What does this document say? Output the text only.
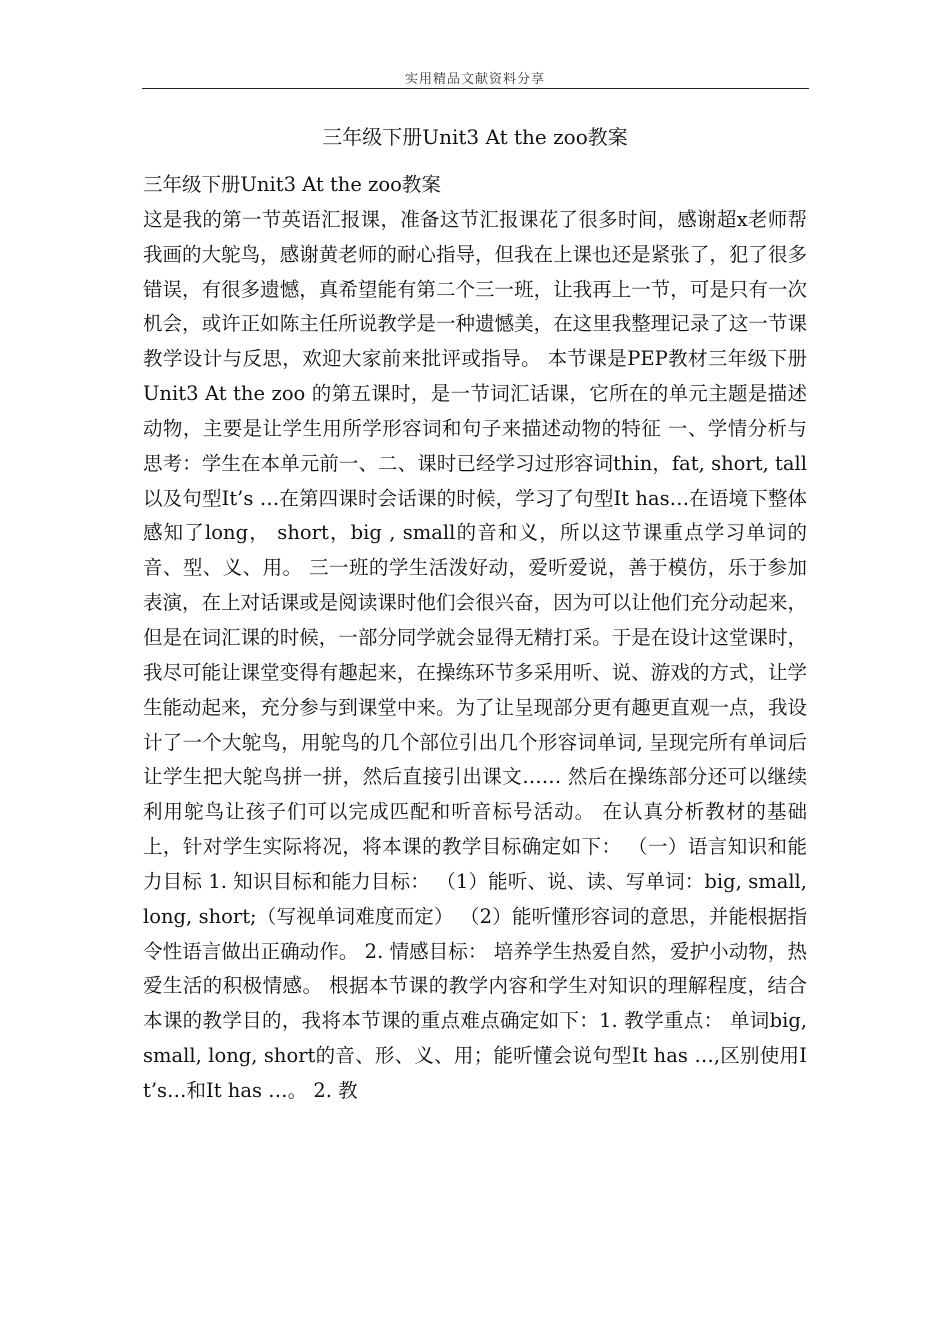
实用精品文献资料分享
三年级下册Unit3 At the zoo教案

三年级下册Unit3 At the zoo教案

这是我的第一节英语汇报课，准备这节汇报课花了很多时间，感谢超x老师帮我画的大鸵鸟，感谢黄老师的耐心指导，但我在上课也还是紧张了，犯了很多错误，有很多遗憾，真希望能有第二个三一班，让我再上一节，可是只有一次机会，或许正如陈主任所说教学是一种遗憾美，在这里我整理记录了这一节课教学设计与反思，欢迎大家前来批评或指导。 本节课是PEP教材三年级下册Unit3 At the zoo 的第五课时，是一节词汇话课，它所在的单元主题是描述动物，主要是让学生用所学形容词和句子来描述动物的特征 一、学情分析与思考：学生在本单元前一、二、课时已经学习过形容词thin，fat, short, tall以及句型It’s …在第四课时会话课的时候，学习了句型It has…在语境下整体感知了long， short，big , small的音和义，所以这节课重点学习单词的音、型、义、用。 三一班的学生活泼好动，爱听爱说，善于模仿，乐于参加表演，在上对话课或是阅读课时他们会很兴奋，因为可以让他们充分动起来，但是在词汇课的时候，一部分同学就会显得无精打采。于是在设计这堂课时，我尽可能让课堂变得有趣起来，在操练环节多采用听、说、游戏的方式，让学生能动起来，充分参与到课堂中来。为了让呈现部分更有趣更直观一点，我设计了一个大鸵鸟，用鸵鸟的几个部位引出几个形容词单词, 呈现完所有单词后让学生把大鸵鸟拼一拼，然后直接引出课文…… 然后在操练部分还可以继续利用鸵鸟让孩子们可以完成匹配和听音标号活动。 在认真分析教材的基础上，针对学生实际将况，将本课的教学目标确定如下： （一）语言知识和能力目标 1. 知识目标和能力目标： （1）能听、说、读、写单词：big, small, long, short;（写视单词难度而定） （2）能听懂形容词的意思，并能根据指令性语言做出正确动作。 2. 情感目标： 培养学生热爱自然，爱护小动物，热爱生活的积极情感。 根据本节课的教学内容和学生对知识的理解程度，结合本课的教学目的，我将本节课的重点难点确定如下：1. 教学重点： 单词big, small, long, short的音、形、义、用；能听懂会说句型It has …,区别使用It’s…和It has …。 2. 教
